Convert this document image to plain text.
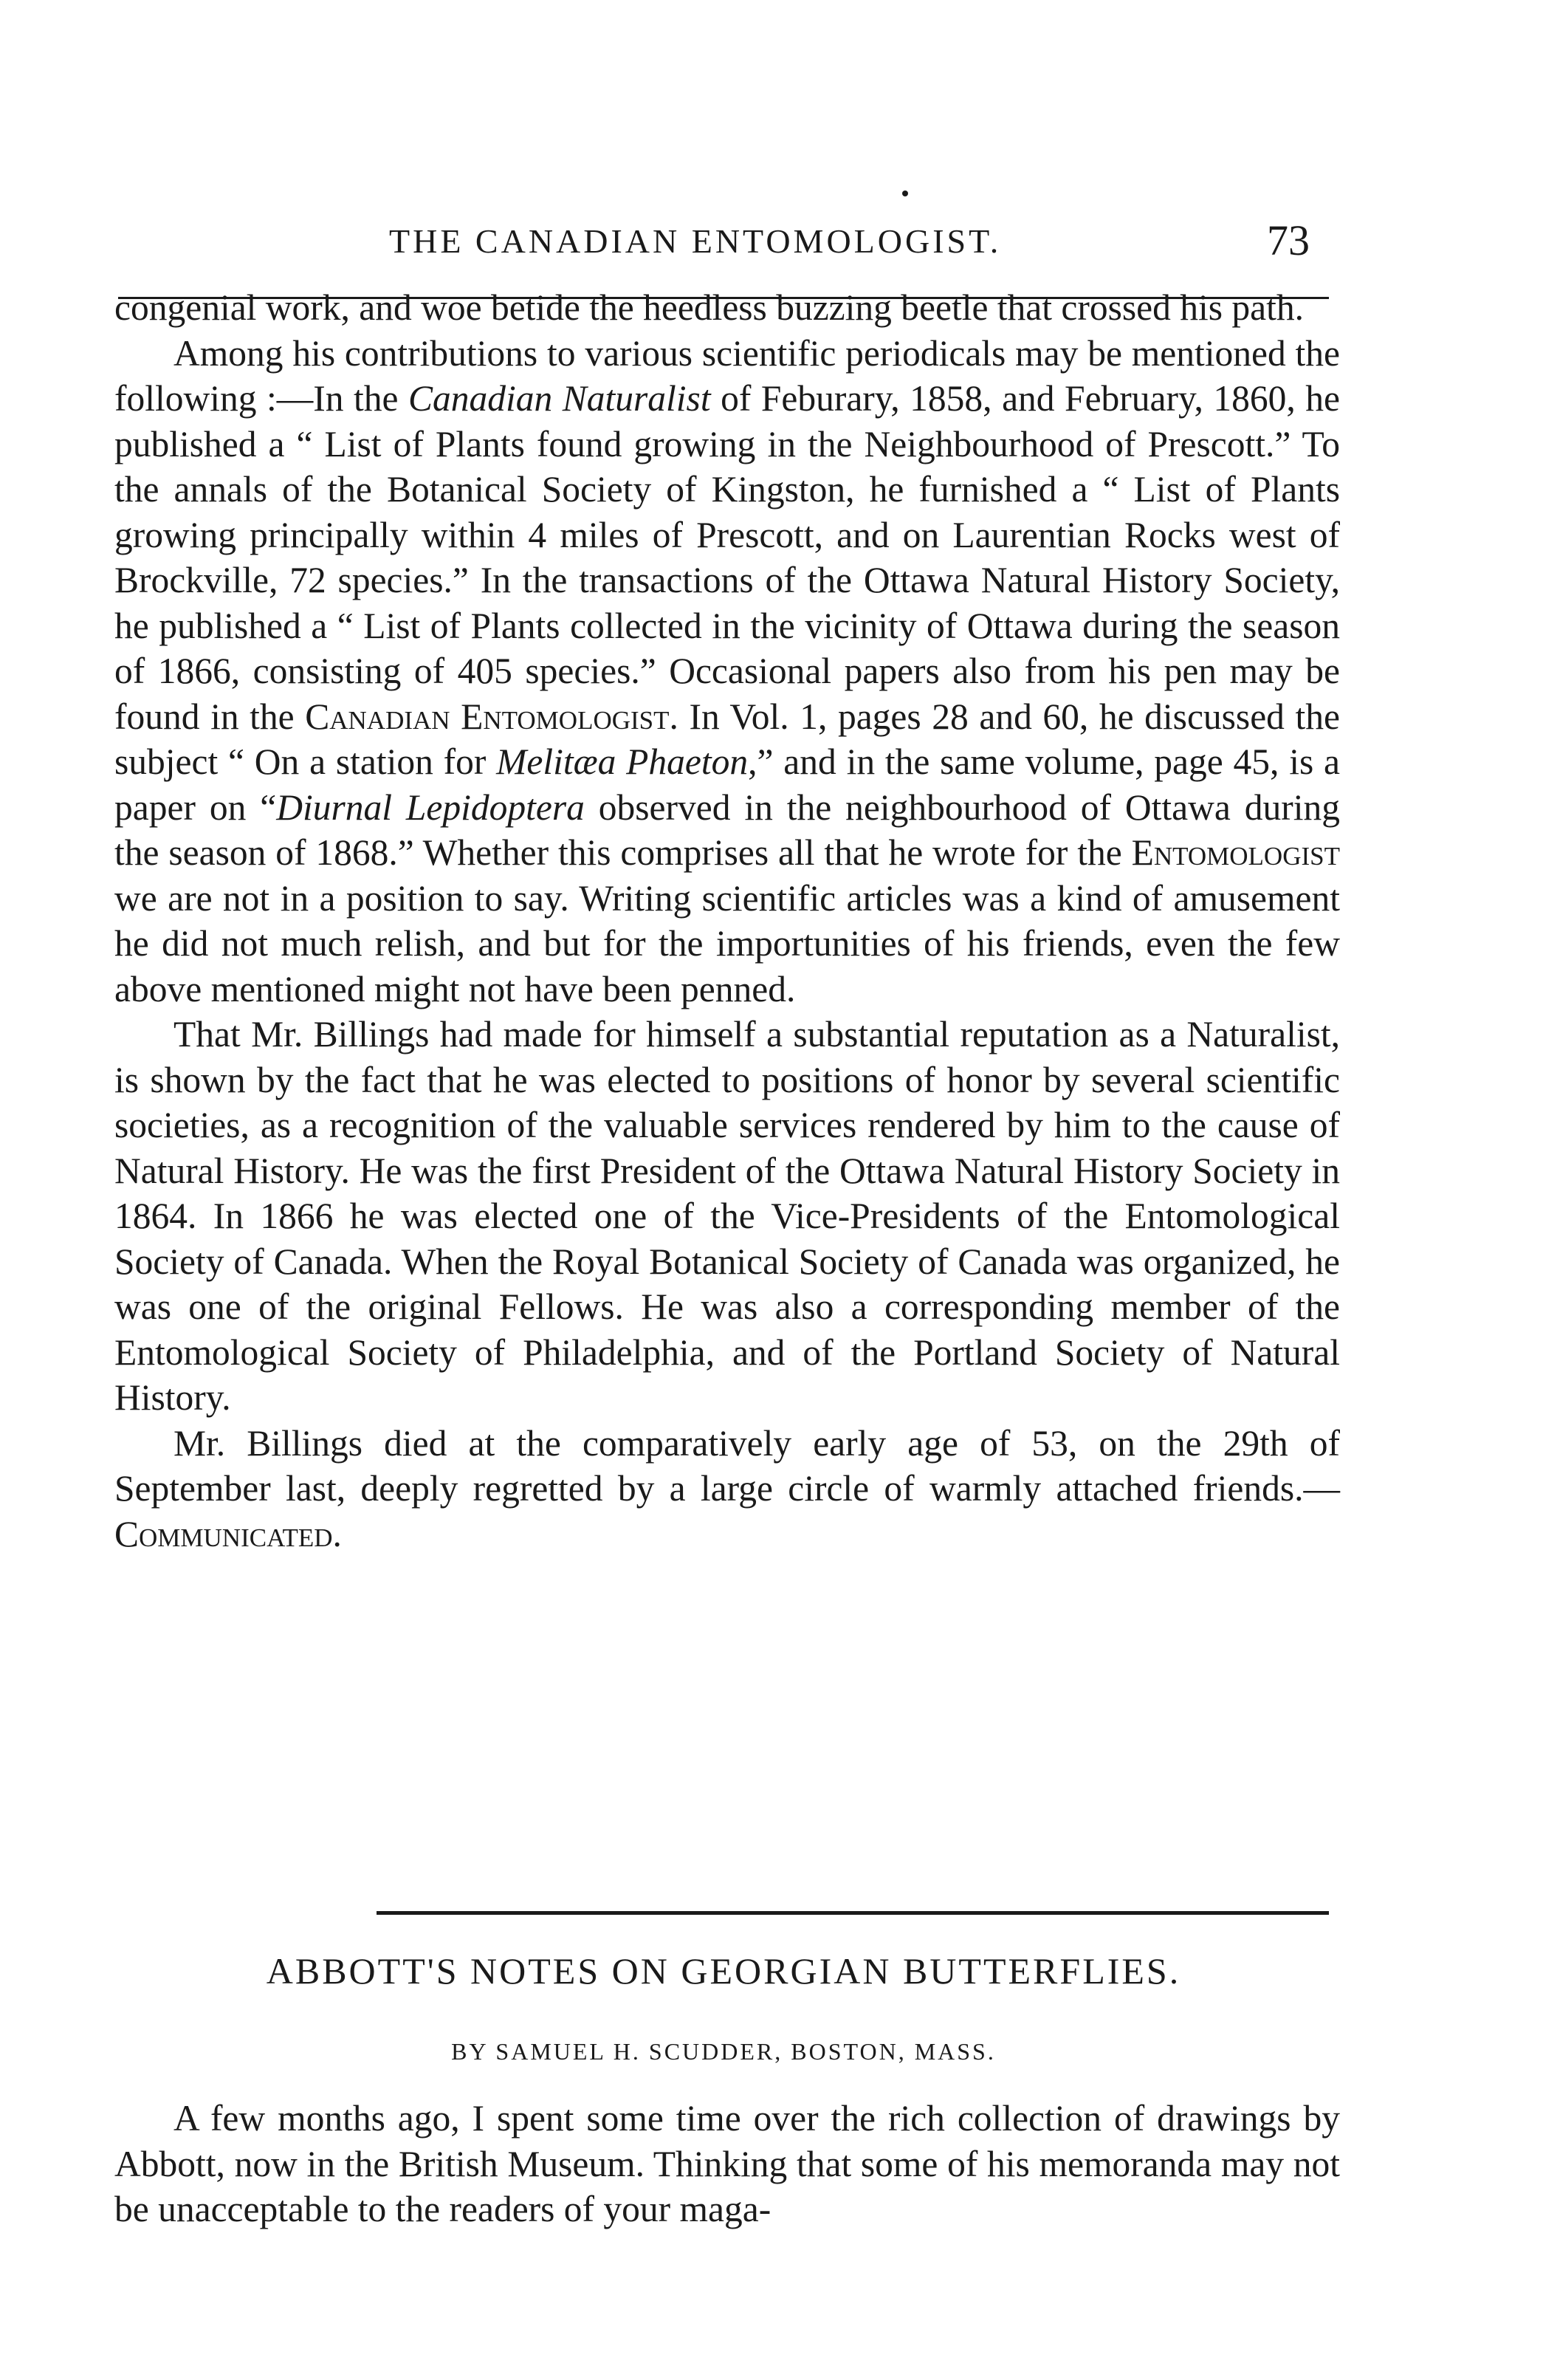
THE CANADIAN ENTOMOLOGIST.	73

congenial work, and woe betide the heedless buzzing beetle that crossed his path.

Among his contributions to various scientific periodicals may be mentioned the following :—In the Canadian Naturalist of Feburary, 1858, and February, 1860, he published a “ List of Plants found growing in the Neighbourhood of Prescott.” To the annals of the Botanical Society of Kingston, he furnished a “ List of Plants growing principally within 4 miles of Prescott, and on Laurentian Rocks west of Brockville, 72 species.” In the transactions of the Ottawa Natural History Society, he published a “ List of Plants collected in the vicinity of Ottawa during the season of 1866, consisting of 405 species.” Occasional papers also from his pen may be found in the Canadian Entomologist. In Vol. 1, pages 28 and 60, he discussed the subject “ On a station for Melitæa Phaeton,” and in the same volume, page 45, is a paper on “Diurnal Lepidoptera observed in the neighbourhood of Ottawa during the season of 1868.” Whether this comprises all that he wrote for the Entomologist we are not in a position to say. Writing scientific articles was a kind of amusement he did not much relish, and but for the importunities of his friends, even the few above mentioned might not have been penned.

That Mr. Billings had made for himself a substantial reputation as a Naturalist, is shown by the fact that he was elected to positions of honor by several scientific societies, as a recognition of the valuable services rendered by him to the cause of Natural History. He was the first President of the Ottawa Natural History Society in 1864. In 1866 he was elected one of the Vice-Presidents of the Entomological Society of Canada. When the Royal Botanical Society of Canada was organized, he was one of the original Fellows. He was also a corresponding member of the Entomological Society of Philadelphia, and of the Portland Society of Natural History.

Mr. Billings died at the comparatively early age of 53, on the 29th of September last, deeply regretted by a large circle of warmly attached friends.—Communicated.

ABBOTT'S NOTES ON GEORGIAN BUTTERFLIES.
BY SAMUEL H. SCUDDER, BOSTON, MASS.

A few months ago, I spent some time over the rich collection of drawings by Abbott, now in the British Museum. Thinking that some of his memoranda may not be unacceptable to the readers of your maga-
